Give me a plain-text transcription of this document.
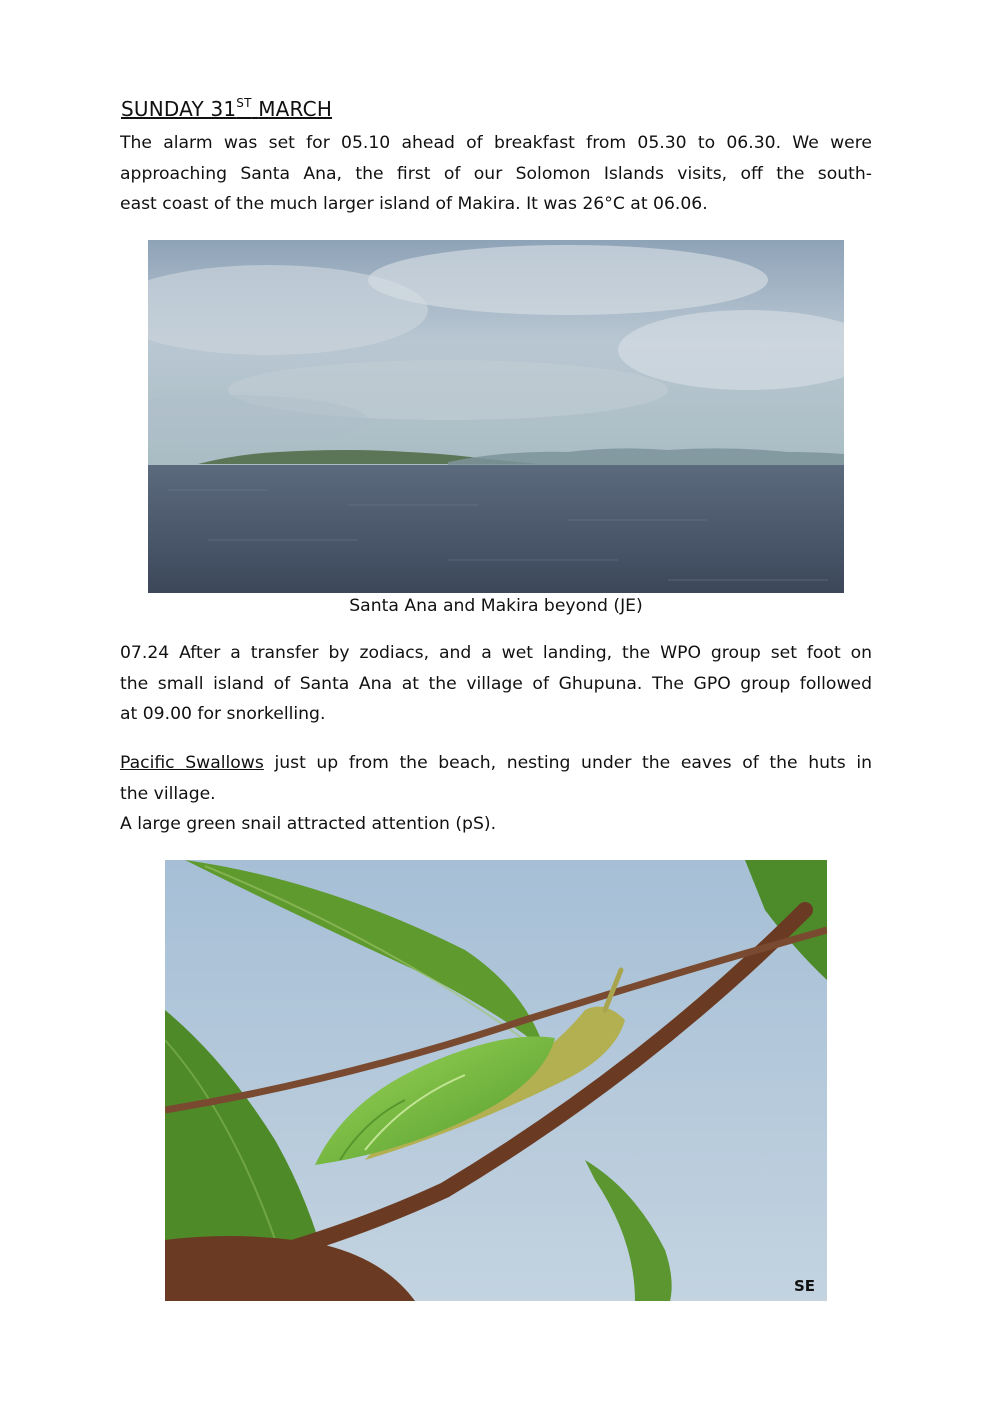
SUNDAY 31ST MARCH
The alarm was set for 05.10 ahead of breakfast from 05.30 to 06.30. We were
approaching Santa Ana, the first of our Solomon Islands visits, off the south-
east coast of the much larger island of Makira. It was 26°C at 06.06.
Santa Ana and Makira beyond (JE)
07.24 After a transfer by zodiacs, and a wet landing, the WPO group set foot on
the small island of Santa Ana at the village of Ghupuna. The GPO group followed
at 09.00 for snorkelling.
Pacific Swallows just up from the beach, nesting under the eaves of the huts in
the village.
A large green snail attracted attention (pS).
SE
